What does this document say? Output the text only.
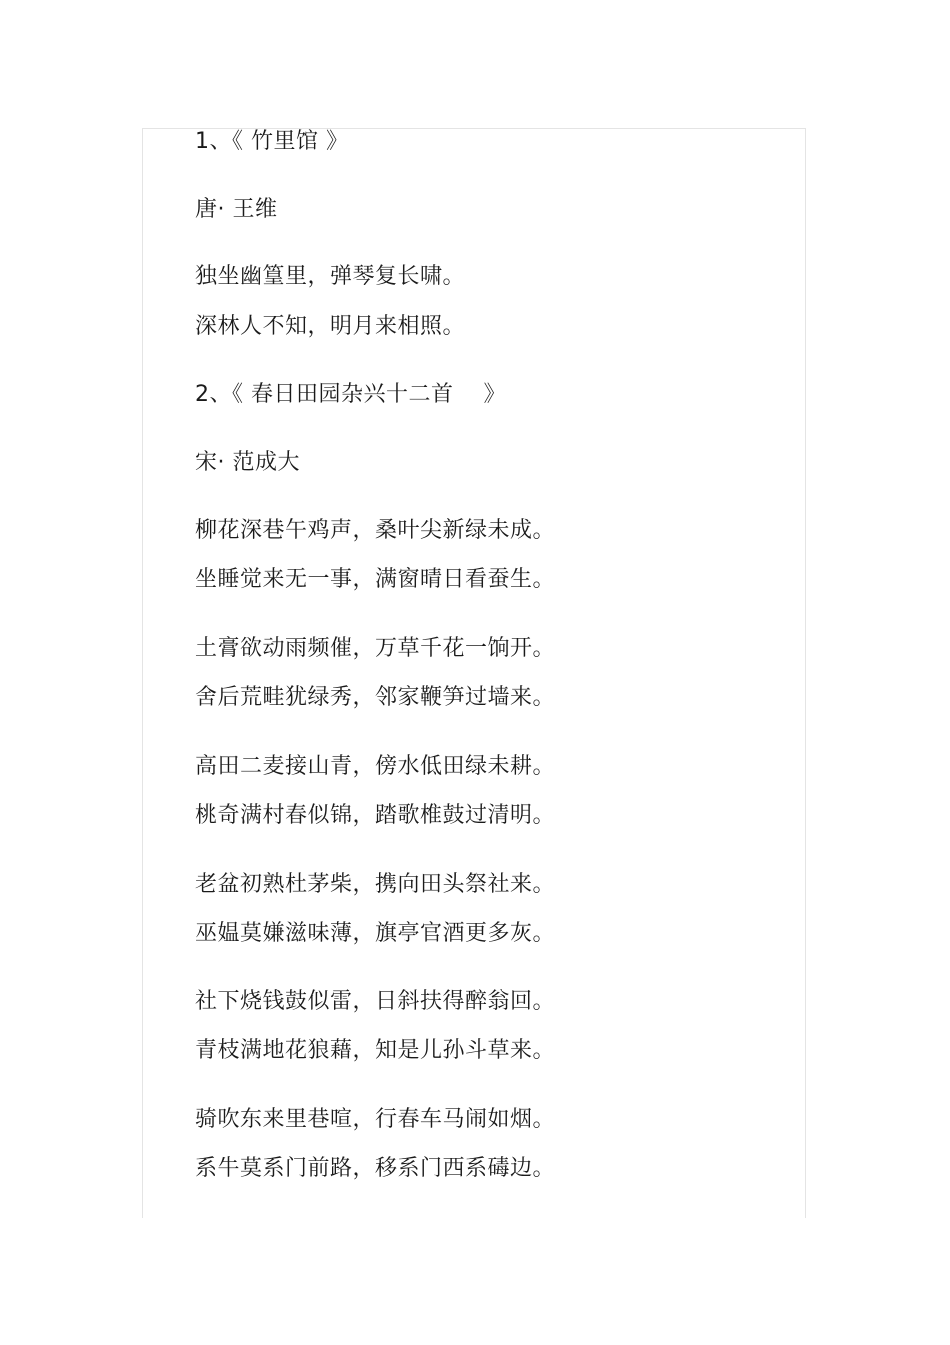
1、《 竹里馆 》

唐· 王维

独坐幽篁里，弹琴复长啸。

深林人不知，明月来相照。

2、《 春日田园杂兴十二首　 》

宋· 范成大

柳花深巷午鸡声，桑叶尖新绿未成。

坐睡觉来无一事，满窗晴日看蚕生。

土膏欲动雨频催，万草千花一饷开。

舍后荒畦犹绿秀，邻家鞭笋过墙来。

高田二麦接山青，傍水低田绿未耕。

桃奇满村春似锦，踏歌椎鼓过清明。

老盆初熟杜茅柴，携向田头祭社来。

巫媪莫嫌滋味薄，旗亭官酒更多灰。

社下烧钱鼓似雷，日斜扶得醉翁回。

青枝满地花狼藉，知是儿孙斗草来。

骑吹东来里巷喧，行春车马闹如烟。

系牛莫系门前路，移系门西系碡边。
